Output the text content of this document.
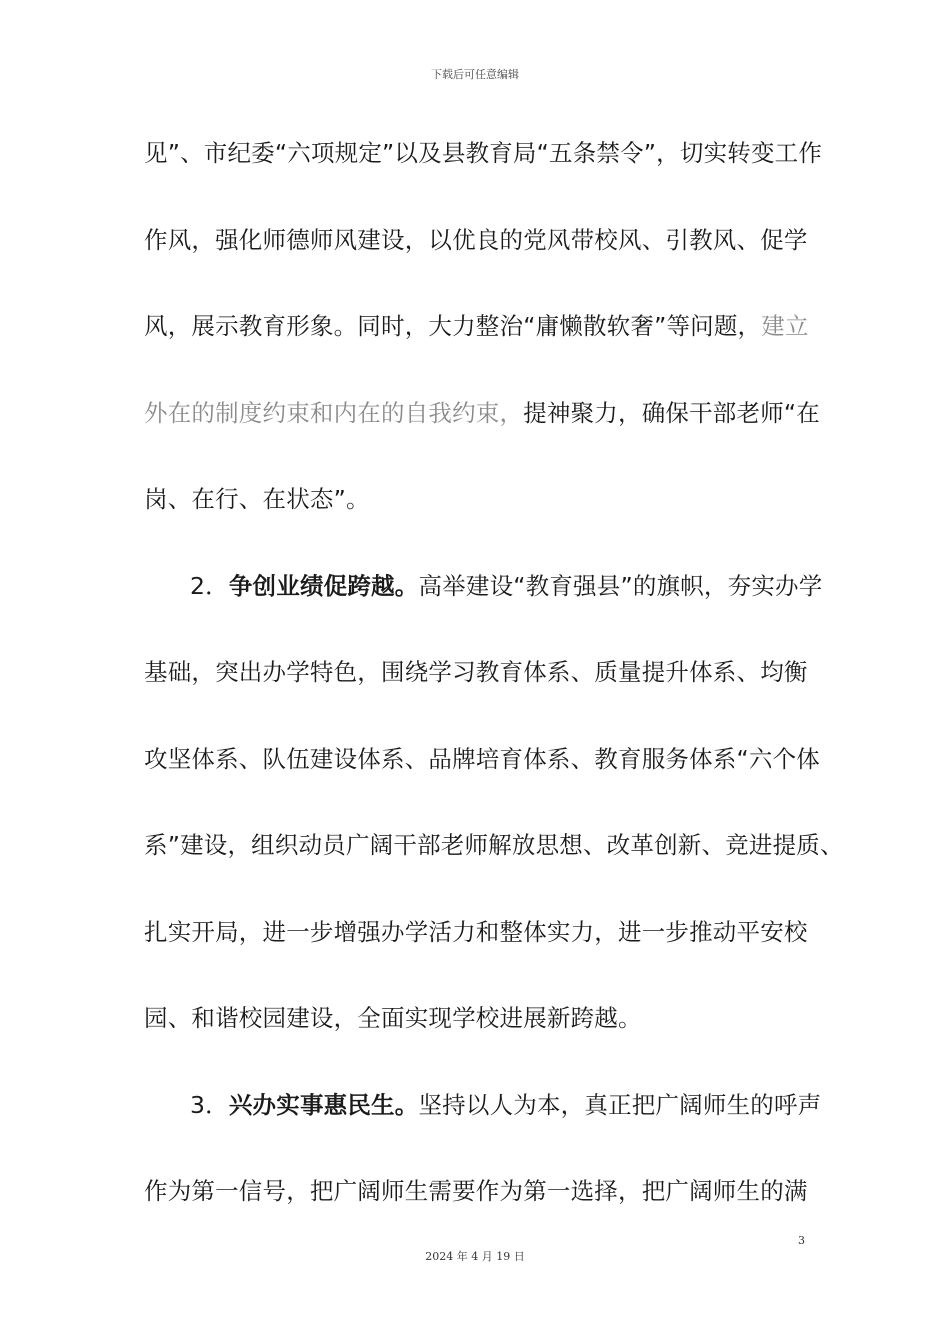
下载后可任意编辑
见”、市纪委“六项规定”以及县教育局“五条禁令”，切实转变工作
作风，强化师德师风建设，以优良的党风带校风、引教风、促学
风，展示教育形象。同时，大力整治“庸懒散软奢”等问题，建立
外在的制度约束和内在的自我约束，提神聚力，确保干部老师“在
岗、在行、在状态”。
2．争创业绩促跨越。高举建设“教育强县”的旗帜，夯实办学
基础，突出办学特色，围绕学习教育体系、质量提升体系、均衡
攻坚体系、队伍建设体系、品牌培育体系、教育服务体系“六个体
系”建设，组织动员广阔干部老师解放思想、改革创新、竞进提质、
扎实开局，进一步增强办学活力和整体实力，进一步推动平安校
园、和谐校园建设，全面实现学校进展新跨越。
3．兴办实事惠民生。坚持以人为本，真正把广阔师生的呼声
作为第一信号，把广阔师生需要作为第一选择，把广阔师生的满
3
2024 年 4 月 19 日
